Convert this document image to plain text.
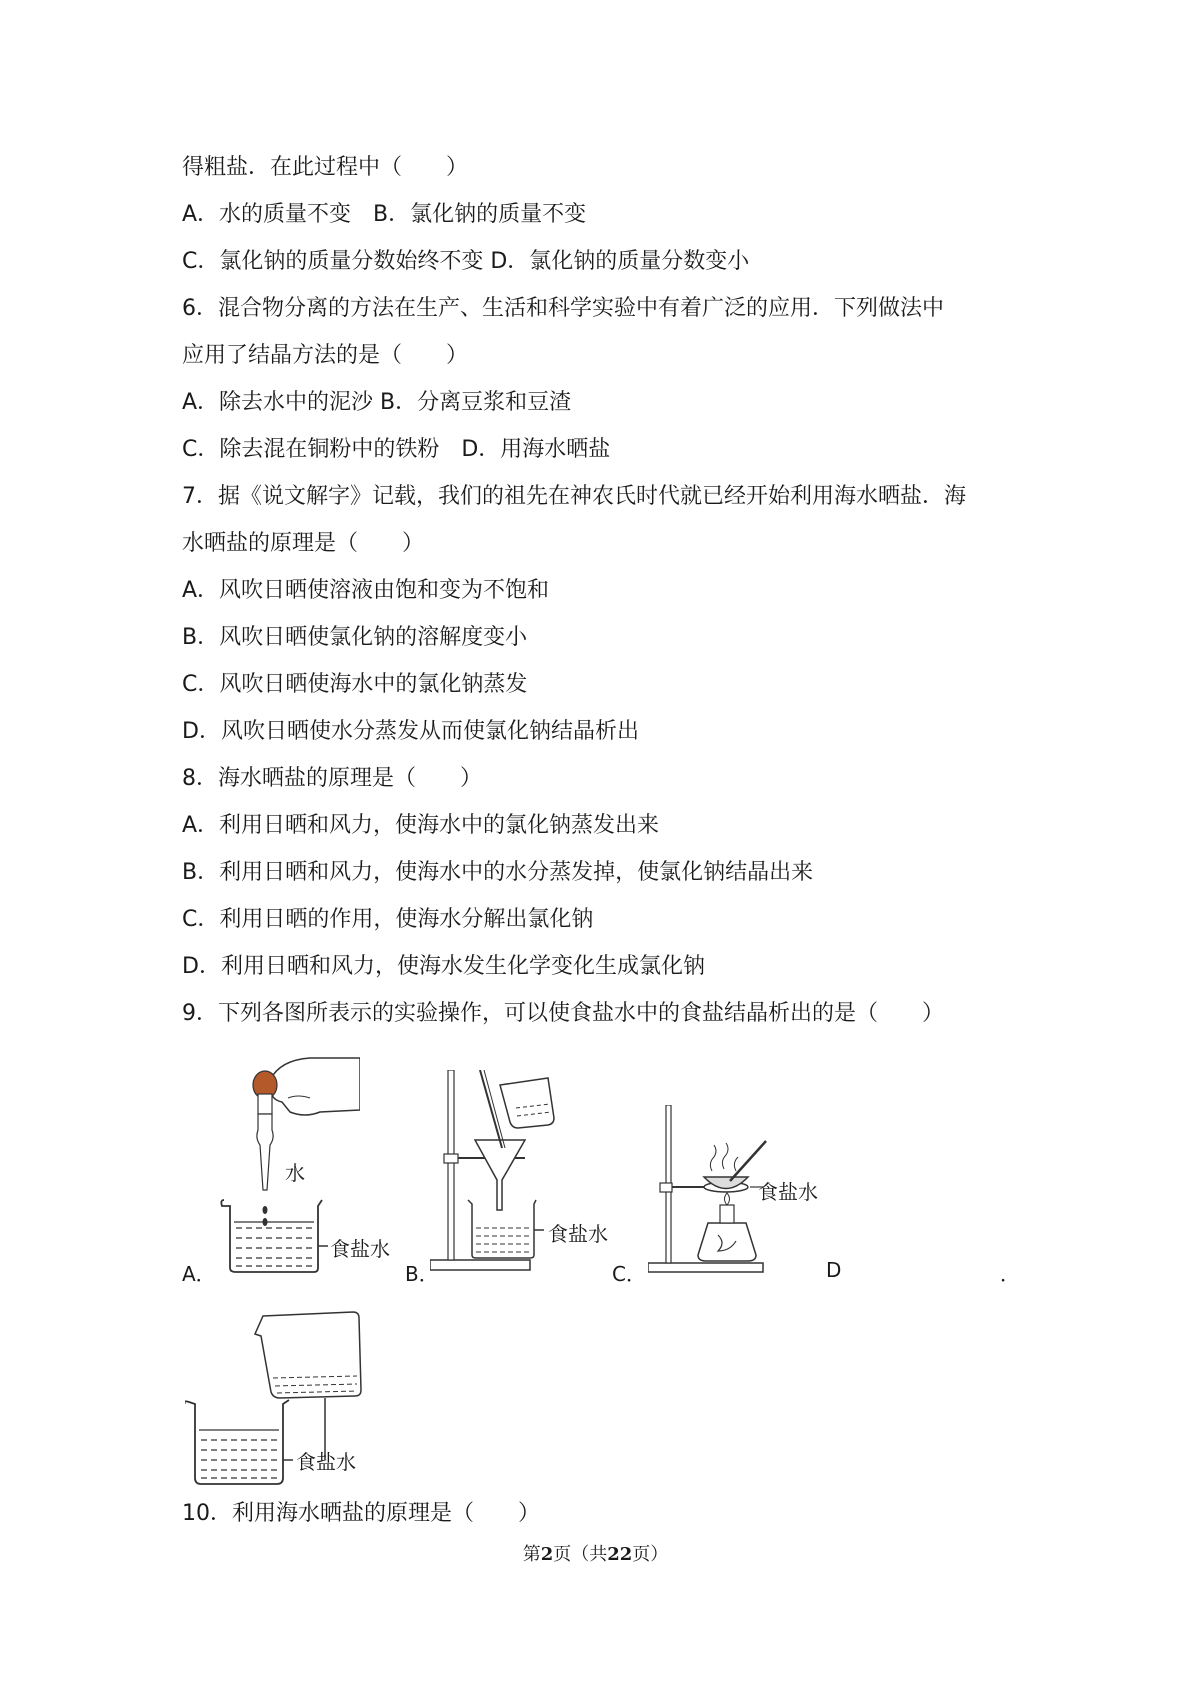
得粗盐．在此过程中（　　）
A．水的质量不变　B．氯化钠的质量不变
C．氯化钠的质量分数始终不变 D．氯化钠的质量分数变小
6．混合物分离的方法在生产、生活和科学实验中有着广泛的应用．下列做法中
应用了结晶方法的是（　　）
A．除去水中的泥沙 B．分离豆浆和豆渣
C．除去混在铜粉中的铁粉　D．用海水晒盐
7．据《说文解字》记载，我们的祖先在神农氏时代就已经开始利用海水晒盐．海
水晒盐的原理是（　　）
A．风吹日晒使溶液由饱和变为不饱和
B．风吹日晒使氯化钠的溶解度变小
C．风吹日晒使海水中的氯化钠蒸发
D．风吹日晒使水分蒸发从而使氯化钠结晶析出
8．海水晒盐的原理是（　　）
A．利用日晒和风力，使海水中的氯化钠蒸发出来
B．利用日晒和风力，使海水中的水分蒸发掉，使氯化钠结晶出来
C．利用日晒的作用，使海水分解出氯化钠
D．利用日晒和风力，使海水发生化学变化生成氯化钠
9．下列各图所表示的实验操作，可以使食盐水中的食盐结晶析出的是（　　）
水
食盐水
A．
食盐水
B．
食盐水
C．	D	．
食盐水
10．利用海水晒盐的原理是（　　）
第2页（共22页）
